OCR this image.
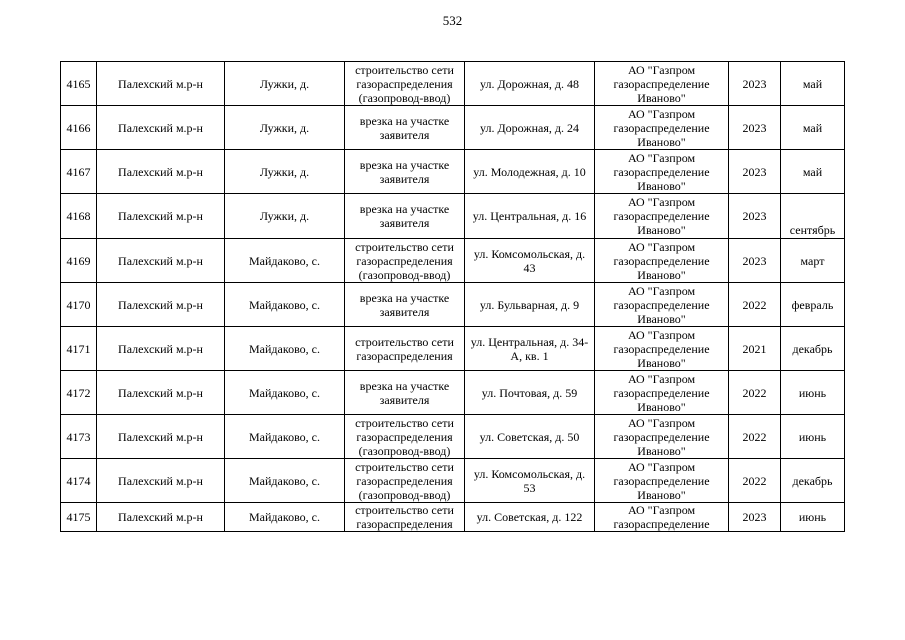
532
4165	Палехский м.р-н	Лужки, д.	строительство сети газораспределения (газопровод-ввод)	ул. Дорожная, д. 48	АО "Газпром газораспределение Иваново"	2023	май
4166	Палехский м.р-н	Лужки, д.	врезка на участке заявителя	ул. Дорожная, д. 24	АО "Газпром газораспределение Иваново"	2023	май
4167	Палехский м.р-н	Лужки, д.	врезка на участке заявителя	ул. Молодежная, д. 10	АО "Газпром газораспределение Иваново"	2023	май
4168	Палехский м.р-н	Лужки, д.	врезка на участке заявителя	ул. Центральная, д. 16	АО "Газпром газораспределение Иваново"	2023	сентябрь
4169	Палехский м.р-н	Майдаково, с.	строительство сети газораспределения (газопровод-ввод)	ул. Комсомольская, д. 43	АО "Газпром газораспределение Иваново"	2023	март
4170	Палехский м.р-н	Майдаково, с.	врезка на участке заявителя	ул. Бульварная, д. 9	АО "Газпром газораспределение Иваново"	2022	февраль
4171	Палехский м.р-н	Майдаково, с.	строительство сети газораспределения	ул. Центральная, д. 34-А, кв. 1	АО "Газпром газораспределение Иваново"	2021	декабрь
4172	Палехский м.р-н	Майдаково, с.	врезка на участке заявителя	ул. Почтовая, д. 59	АО "Газпром газораспределение Иваново"	2022	июнь
4173	Палехский м.р-н	Майдаково, с.	строительство сети газораспределения (газопровод-ввод)	ул. Советская, д. 50	АО "Газпром газораспределение Иваново"	2022	июнь
4174	Палехский м.р-н	Майдаково, с.	строительство сети газораспределения (газопровод-ввод)	ул. Комсомольская, д. 53	АО "Газпром газораспределение Иваново"	2022	декабрь
4175	Палехский м.р-н	Майдаково, с.	строительство сети газораспределения	ул. Советская, д. 122	АО "Газпром газораспределение	2023	июнь
